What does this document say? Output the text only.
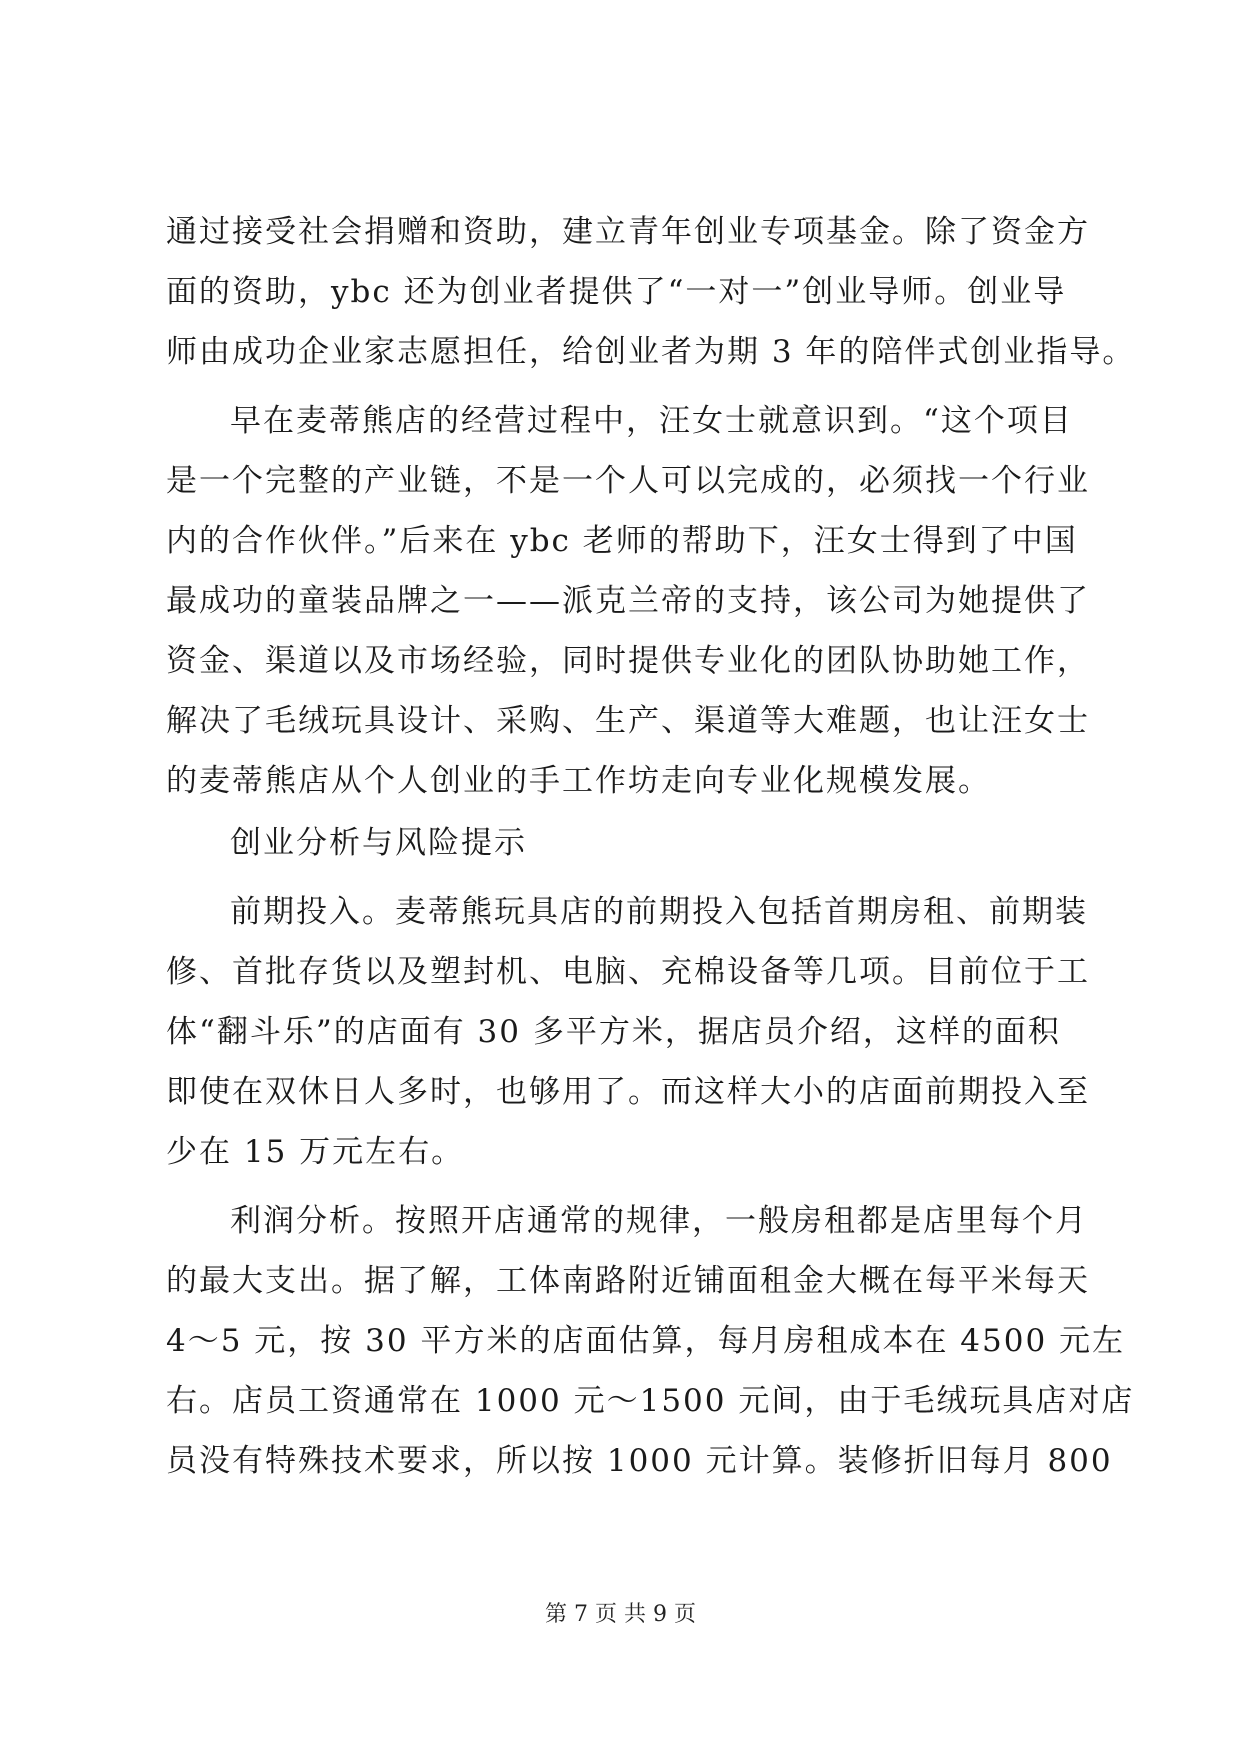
通过接受社会捐赠和资助，建立青年创业专项基金。除了资金方
面的资助，ybc 还为创业者提供了“一对一”创业导师。创业导
师由成功企业家志愿担任，给创业者为期 3 年的陪伴式创业指导。
早在麦蒂熊店的经营过程中，汪女士就意识到。“这个项目
是一个完整的产业链，不是一个人可以完成的，必须找一个行业
内的合作伙伴。”后来在 ybc 老师的帮助下，汪女士得到了中国
最成功的童装品牌之一——派克兰帝的支持，该公司为她提供了
资金、渠道以及市场经验，同时提供专业化的团队协助她工作，
解决了毛绒玩具设计、采购、生产、渠道等大难题，也让汪女士
的麦蒂熊店从个人创业的手工作坊走向专业化规模发展。
创业分析与风险提示
前期投入。麦蒂熊玩具店的前期投入包括首期房租、前期装
修、首批存货以及塑封机、电脑、充棉设备等几项。目前位于工
体“翻斗乐”的店面有 30 多平方米，据店员介绍，这样的面积
即使在双休日人多时，也够用了。而这样大小的店面前期投入至
少在 15 万元左右。
利润分析。按照开店通常的规律，一般房租都是店里每个月
的最大支出。据了解，工体南路附近铺面租金大概在每平米每天
4～5 元，按 30 平方米的店面估算，每月房租成本在 4500 元左
右。店员工资通常在 1000 元～1500 元间，由于毛绒玩具店对店
员没有特殊技术要求，所以按 1000 元计算。装修折旧每月 800
第 7 页 共 9 页
